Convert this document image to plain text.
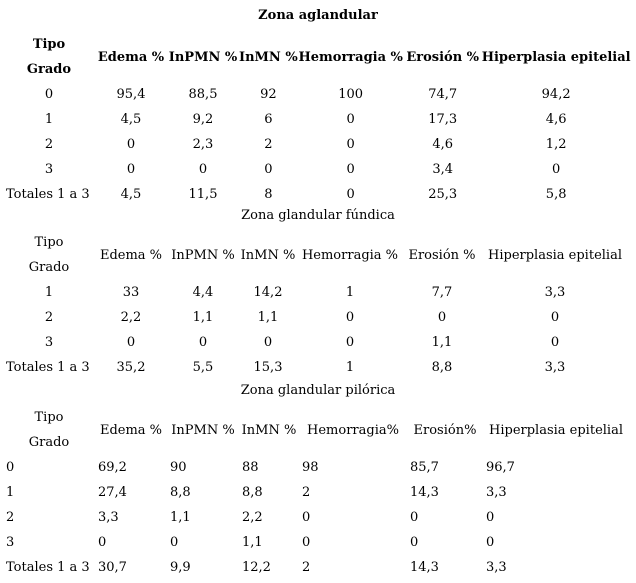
Zona aglandular
Tipo	Edema %	InPMN %	InMN %	Hemorragia %	Erosión %	Hiperplasia epitelial
Grado						
0	95,4	88,5	92	100	74,7	94,2
1	4,5	9,2	6	0	17,3	4,6
2	0	2,3	2	0	4,6	1,2
3	0	0	0	0	3,4	0
Totales 1 a 3	4,5	11,5	8	0	25,3	5,8
Zona glandular fúndica
Tipo	Edema %	InPMN %	InMN %	Hemorragia %	Erosión %	Hiperplasia epitelial
Grado						
1	33	4,4	14,2	1	7,7	3,3
2	2,2	1,1	1,1	0	0	0
3	0	0	0	0	1,1	0
Totales 1 a 3	35,2	5,5	15,3	1	8,8	3,3
Zona glandular pilórica
Tipo	Edema %	InPMN %	InMN %	Hemorragia%	Erosión%	Hiperplasia epitelial
Grado						
0	69,2	90	88	98	85,7	96,7
1	27,4	8,8	8,8	2	14,3	3,3
2	3,3	1,1	2,2	0	0	0
3	0	0	1,1	0	0	0
Totales 1 a 3	30,7	9,9	12,2	2	14,3	3,3
